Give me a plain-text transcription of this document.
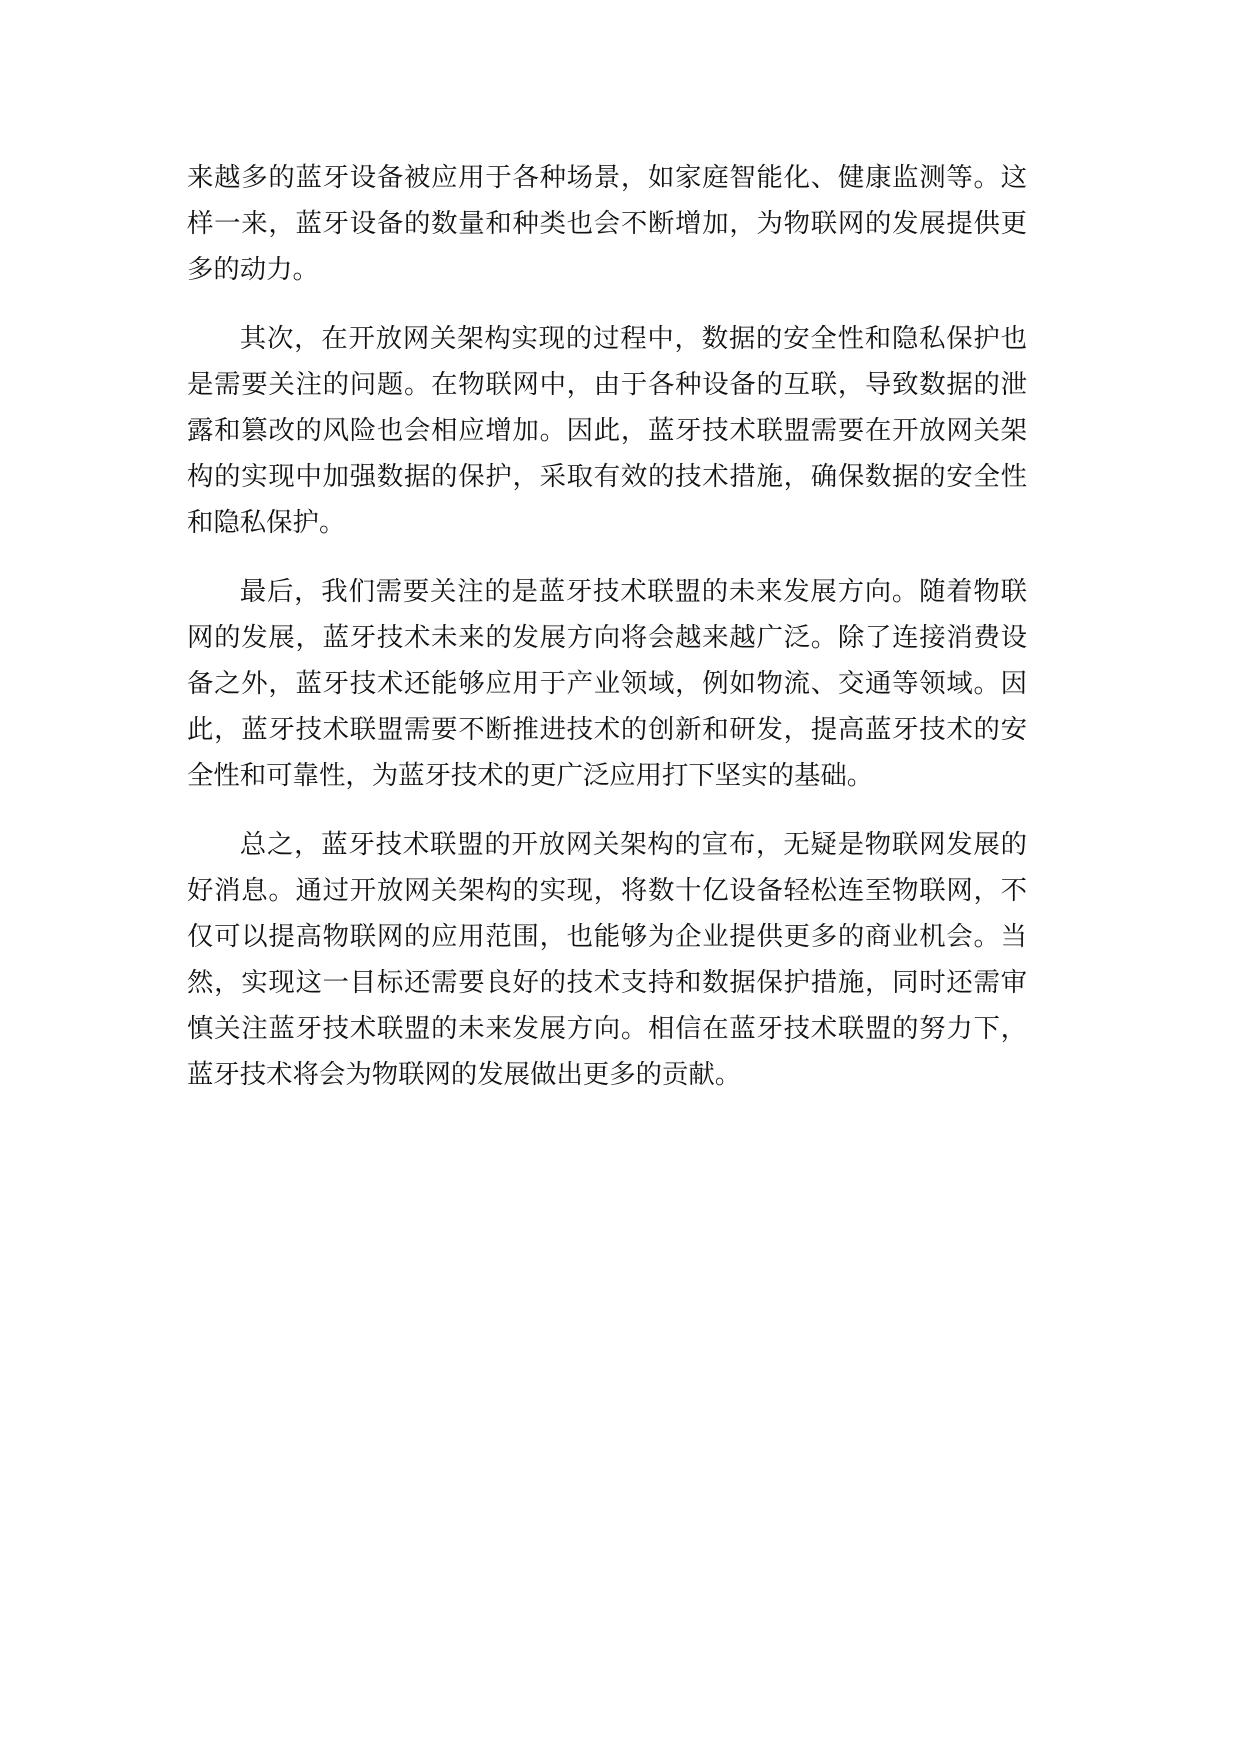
来越多的蓝牙设备被应用于各种场景，如家庭智能化、健康监测等。这样一来，蓝牙设备的数量和种类也会不断增加，为物联网的发展提供更多的动力。

其次，在开放网关架构实现的过程中，数据的安全性和隐私保护也是需要关注的问题。在物联网中，由于各种设备的互联，导致数据的泄露和篡改的风险也会相应增加。因此，蓝牙技术联盟需要在开放网关架构的实现中加强数据的保护，采取有效的技术措施，确保数据的安全性和隐私保护。

最后，我们需要关注的是蓝牙技术联盟的未来发展方向。随着物联网的发展，蓝牙技术未来的发展方向将会越来越广泛。除了连接消费设备之外，蓝牙技术还能够应用于产业领域，例如物流、交通等领域。因此，蓝牙技术联盟需要不断推进技术的创新和研发，提高蓝牙技术的安全性和可靠性，为蓝牙技术的更广泛应用打下坚实的基础。

总之，蓝牙技术联盟的开放网关架构的宣布，无疑是物联网发展的好消息。通过开放网关架构的实现，将数十亿设备轻松连至物联网，不仅可以提高物联网的应用范围，也能够为企业提供更多的商业机会。当然，实现这一目标还需要良好的技术支持和数据保护措施，同时还需审慎关注蓝牙技术联盟的未来发展方向。相信在蓝牙技术联盟的努力下，蓝牙技术将会为物联网的发展做出更多的贡献。
